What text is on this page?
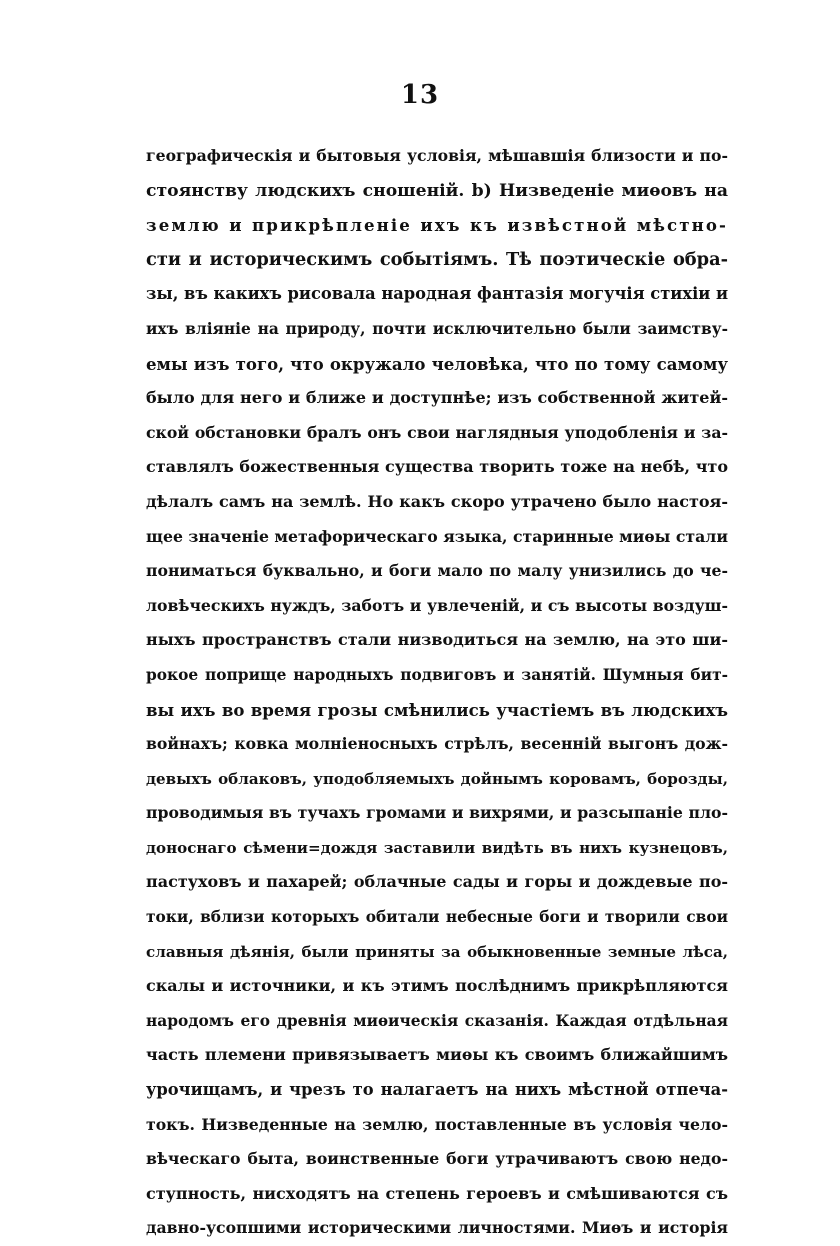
13
географическія и бытовыя условія, мѣшавшія близости и по-
стоянству людскихъ сношеній. b) Низведеніе миѳовъ на
землю и прикрѣпленіе ихъ къ извѣстной мѣстно-
сти и историческимъ событіямъ. Тѣ поэтическіе обра-
зы, въ какихъ рисовала народная фантазія могучія стихіи и
ихъ вліяніе на природу, почти исключительно были заимству-
емы изъ того, что окружало человѣка, что по тому самому
было для него и ближе и доступнѣе; изъ собственной житей-
ской обстановки бралъ онъ свои наглядныя уподобленія и за-
ставлялъ божественныя существа творить тоже на небѣ, что
дѣлалъ самъ на землѣ. Но какъ скоро утрачено было настоя-
щее значеніе метафорическаго языка, старинные миѳы стали
пониматься буквально, и боги мало по малу унизились до че-
ловѣческихъ нуждъ, заботъ и увлеченій, и съ высоты воздуш-
ныхъ пространствъ стали низводиться на землю, на это ши-
рокое поприще народныхъ подвиговъ и занятій. Шумныя бит-
вы ихъ во время грозы смѣнились участіемъ въ людскихъ
войнахъ; ковка молніеносныхъ стрѣлъ, весенній выгонъ дож-
девыхъ облаковъ, уподобляемыхъ дойнымъ коровамъ, борозды,
проводимыя въ тучахъ громами и вихрями, и разсыпаніе пло-
доноснаго сѣмени=дождя заставили видѣть въ нихъ кузнецовъ,
пастуховъ и пахарей; облачные сады и горы и дождевые по-
токи, вблизи которыхъ обитали небесные боги и творили свои
славныя дѣянія, были приняты за обыкновенные земные лѣса,
скалы и источники, и къ этимъ послѣднимъ прикрѣпляются
народомъ его древнія миѳическія сказанія. Каждая отдѣльная
часть племени привязываетъ миѳы къ своимъ ближайшимъ
урочищамъ, и чрезъ то налагаетъ на нихъ мѣстной отпеча-
токъ. Низведенные на землю, поставленные въ условія чело-
вѣческаго быта, воинственные боги утрачиваютъ свою недо-
ступность, нисходятъ на степень героевъ и смѣшиваются съ
давно-усопшими историческими личностями. Миѳъ и исторія
